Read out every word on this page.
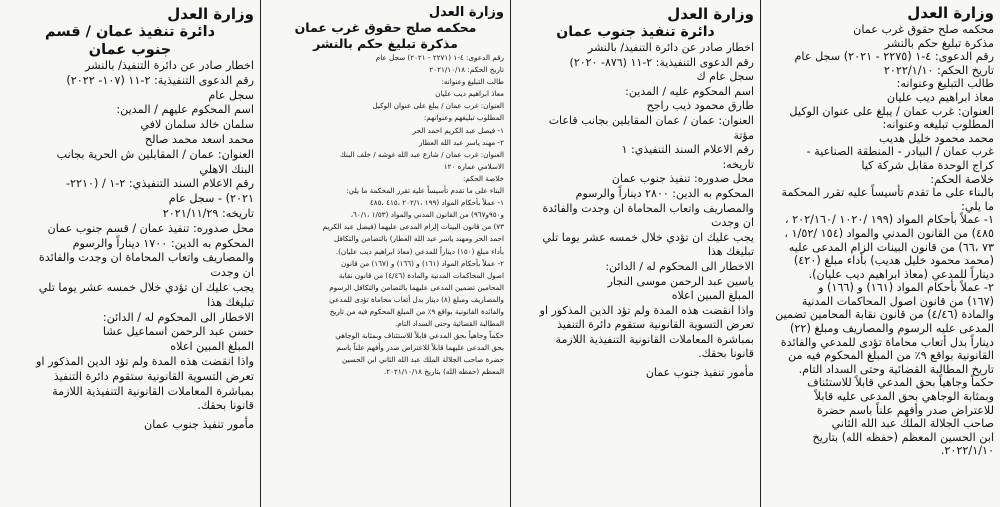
وزارة العدل
محكمه صلح حقوق غرب عمان
مذكرة تبليغ حكم بالنشر
رقم الدعوى: ٤-١ (٢٢٧٥ - ٢٠٢١) سجل عام
تاريخ الحكم: ٢٠٢٢/١/١٠
طالب التبليغ وعنوانه:
معاذ ابراهيم ديب عليان
العنوان: غرب عمان / يبلغ على عنوان الوكيل
المطلوب تبليغه وعنوانه:
محمد محمود خليل هديب
غرب عمان / البيادر - المنطقة الصناعية -
كراج الوحدة مقابل شركة كيا
خلاصة الحكم:
بالبناء على ما تقدم تأسيساً عليه تقرر المحكمة
ما يلي:
١- عملاً بأحكام المواد (١٩٩ /١٠٢٠ /٢٠٢/١٦٠ ،
٤٨٥) من القانون المدني والمواد (١٥٤ /١/٥٢ ،
٧٣ ،٦٦) من قانون البينات الزام المدعى عليه
(محمد محمود خليل هديب) بأداء مبلغ (٤٢٠)
ديناراً للمدعي (معاذ ابراهيم ديب عليان).
٢- عملاً بأحكام المواد (١٦١) و (١٦٦) و
(١٦٧) من قانون اصول المحاكمات المدنية
والمادة (٤/٤٦) من قانون نقابة المحامين تضمين
المدعى عليه الرسوم والمصاريف ومبلغ (٢٢)
ديناراً بدل أتعاب محاماة تؤدى للمدعي والفائدة
القانونية بواقع ٩٪ من المبلغ المحكوم فيه من
تاريخ المطالبة القضائية وحتى السداد التام.
حكماً وجاهياً بحق المدعي قابلاً للاستئناف
وبمثابة الوجاهي بحق المدعى عليه قابلاً
للاعتراض صدر وأفهم علناً باسم حضرة
صاحب الجلالة الملك عبد الله الثاني
ابن الحسين المعظم (حفظه الله) بتاريخ
٢٠٢٢/١/١٠.
وزارة العدل
دائرة تنفيذ جنوب عمان
اخطار صادر عن دائرة التنفيذ/ بالنشر
رقم الدعوى التنفيذية: ٢-١١ (٨٧٦- ٢٠٢٠)
سجل عام ك
اسم المحكوم عليه / المدين:
طارق محمود ذيب راجح
العنوان: عمان / عمان المقابلين بجانب قاعات
مؤتة
رقم الاعلام السند التنفيذي: ١
تاريخه:
محل صدوره: تنفيذ جنوب عمان
المحكوم به الدين: ٢٨٠٠ ديناراً والرسوم
والمصاريف واتعاب المحاماة ان وجدت والفائدة
ان وجدت
يجب عليك ان تؤدي خلال خمسه عشر يوما تلي
تبليغك هذا
الاخطار الى المحكوم له / الدائن:
ياسين عبد الرحمن موسى النجار
المبلغ المبين اعلاه
واذا انقضت هذه المدة ولم تؤد الدين المذكور او
تعرض التسوية القانونية ستقوم دائرة التنفيذ
بمباشرة المعاملات القانونية التنفيذية اللازمة
قانونا بحقك.
مأمور تنفيذ جنوب عمان
وزارة العدل
محكمه صلح حقوق غرب عمان
مذكرة تبليغ حكم بالنشر
رقم الدعوى: ٤-١ (٢٢٧١ - ٢٠٢١) سجل عام
تاريخ الحكم: ٢٠٢١/١٠/١٨
طالب التبليغ وعنوانه:
معاذ ابراهيم ديب عليان
العنوان: غرب عمان / يبلغ على عنوان الوكيل
المطلوب تبليغهم وعنوانهم:
١- فيصل عبد الكريم احمد الحر
٢- مهند ياسر عبد الله العطار
العنوان: غرب عمان / شارع عبد الله غوشه / خلف البنك
الاسلامي عماره ١٢٠
خلاصة الحكم:
البناء على ما تقدم تأسيساً عليه تقرر المحكمة ما يلي:
١- عملاً بأحكام المواد (١٩٩ ،٢٠٢/١ ،٤١٥ ،٤٨٥
و٩٥٠و٩٦٧) من القانون المدني والمواد (١/٥٣ ،٦٠/١،
٧٣) من قانون البينات إلزام المدعى عليهما (فيصل عبد الكريم
احمد الحر ومهند ياسر عبد الله العطار) بالتضامن والتكافل
بأداء مبلغ (١٥٠) ديناراً للمدعي (معاذ ابراهيم ديب عليان).
٢- عملاً بأحكام المواد (١٦١) و (١٦٦) و (١٦٧) من قانون
اصول المحاكمات المدنية والمادة (٤/٤٦) من قانون نقابة
المحامين تضمين المدعى عليهما بالتضامن والتكافل الرسوم
والمصاريف ومبلغ (٨) دينار بدل أتعاب محاماة تؤدى للمدعي
والفائدة القانونية بواقع ٩٪ من المبلغ المحكوم فيه من تاريخ
المطالبة القضائية وحتى السداد التام.
حكماً وجاهياً بحق المدعي قابلاً للاستئناف وبمثابة الوجاهي
بحق المدعى عليهما قابلاً للاعتراض صدر وأفهم علناً باسم
حضرة صاحب الجلالة الملك عبد الله الثاني ابن الحسين
المعظم (حفظه الله) بتاريخ ٢٠٢١/١٠/١٨.
وزارة العدل
دائرة تنفيذ عمان / قسم
جنوب عمان
اخطار صادر عن دائرة التنفيذ/ بالنشر
رقم الدعوى التنفيذية: ٢-١١ (١٠٧- ٢٠٢٢)
سجل عام
اسم المحكوم عليهم / المدين:
سلمان خالد سلمان لافي
محمد اسعد محمد صالح
العنوان: عمان / المقابلين ش الحرية بجانب
البنك الاهلي
رقم الاعلام السند التنفيذي: ٢-١ / (٢٢١٠-
٢٠٢١) - سجل عام
تاريخه: ٢٠٢١/١١/٢٩
محل صدوره: تنفيذ عمان / قسم جنوب عمان
المحكوم به الدين: ١٧٠٠ ديناراً والرسوم
والمصاريف واتعاب المحاماة ان وجدت والفائدة
ان وجدت
يجب عليك ان تؤدي خلال خمسه عشر يوما تلي
تبليغك هذا
الاخطار الى المحكوم له / الدائن:
حسن عبد الرحمن اسماعيل عشا
المبلغ المبين اعلاه
واذا انقضت هذه المدة ولم تؤد الدين المذكور او
تعرض التسوية القانونية ستقوم دائرة التنفيذ
بمباشرة المعاملات القانونية التنفيذية اللازمة
قانونا بحقك.
مأمور تنفيذ جنوب عمان
